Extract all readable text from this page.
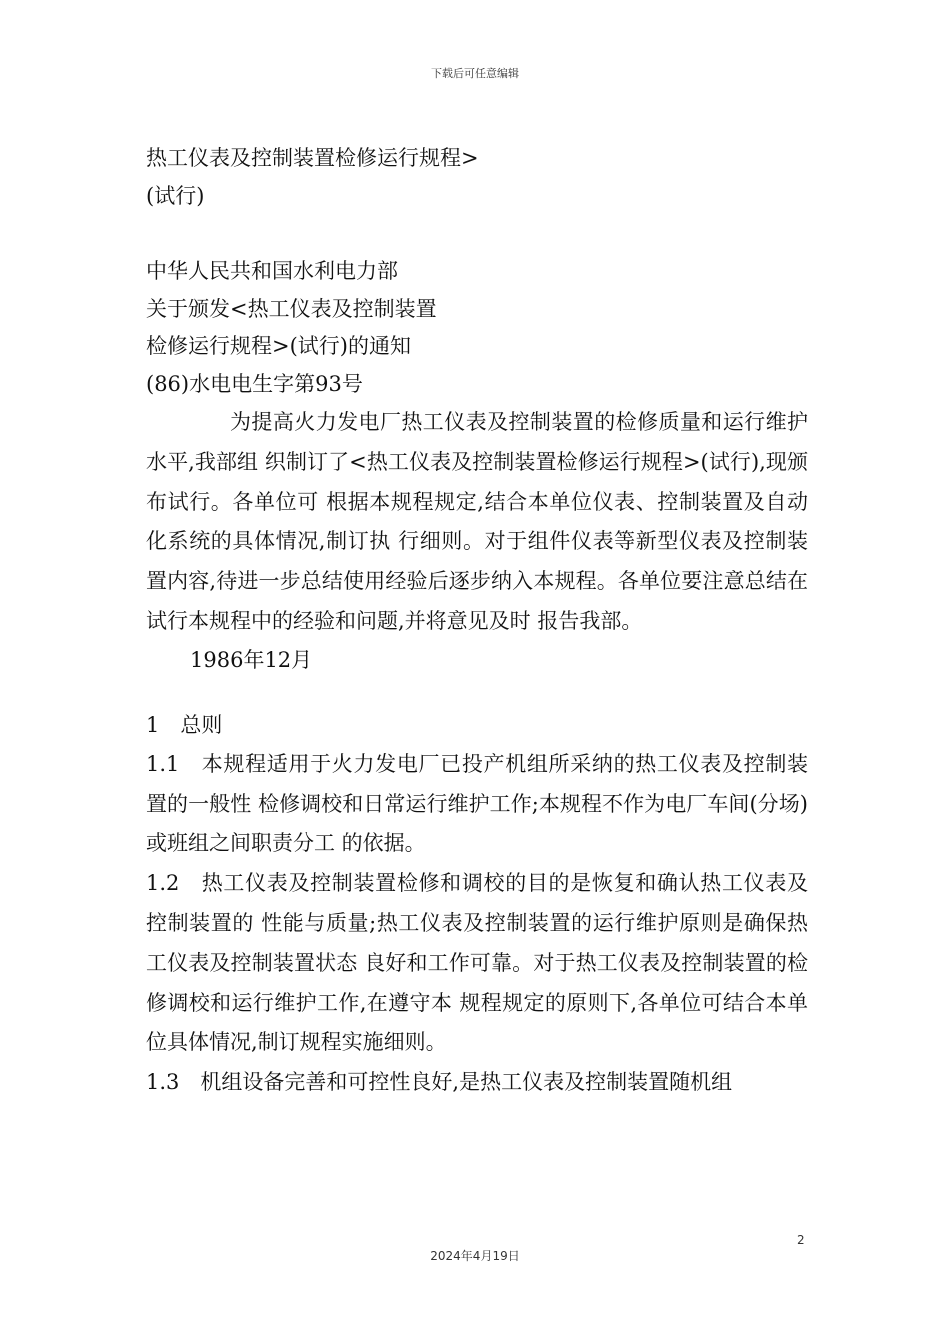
下载后可任意编辑
热工仪表及控制装置检修运行规程>
(试行)
中华人民共和国水利电力部
关于颁发<热工仪表及控制装置
检修运行规程>(试行)的通知
(86)水电电生字第93号

为提高火力发电厂热工仪表及控制装置的检修质量和运行维护水平,我部组 织制订了<热工仪表及控制装置检修运行规程>(试行),现颁布试行。各单位可 根据本规程规定,结合本单位仪表、控制装置及自动化系统的具体情况,制订执 行细则。对于组件仪表等新型仪表及控制装置内容,待进一步总结使用经验后逐步纳入本规程。各单位要注意总结在试行本规程中的经验和问题,并将意见及时 报告我部。

1986年12月
1　总则

1.1　本规程适用于火力发电厂已投产机组所采纳的热工仪表及控制装置的一般性 检修调校和日常运行维护工作;本规程不作为电厂车间(分场)或班组之间职责分工 的依据。

1.2　热工仪表及控制装置检修和调校的目的是恢复和确认热工仪表及控制装置的 性能与质量;热工仪表及控制装置的运行维护原则是确保热工仪表及控制装置状态 良好和工作可靠。对于热工仪表及控制装置的检修调校和运行维护工作,在遵守本 规程规定的原则下,各单位可结合本单位具体情况,制订规程实施细则。

1.3　机组设备完善和可控性良好,是热工仪表及控制装置随机组

2
2024年4月19日
